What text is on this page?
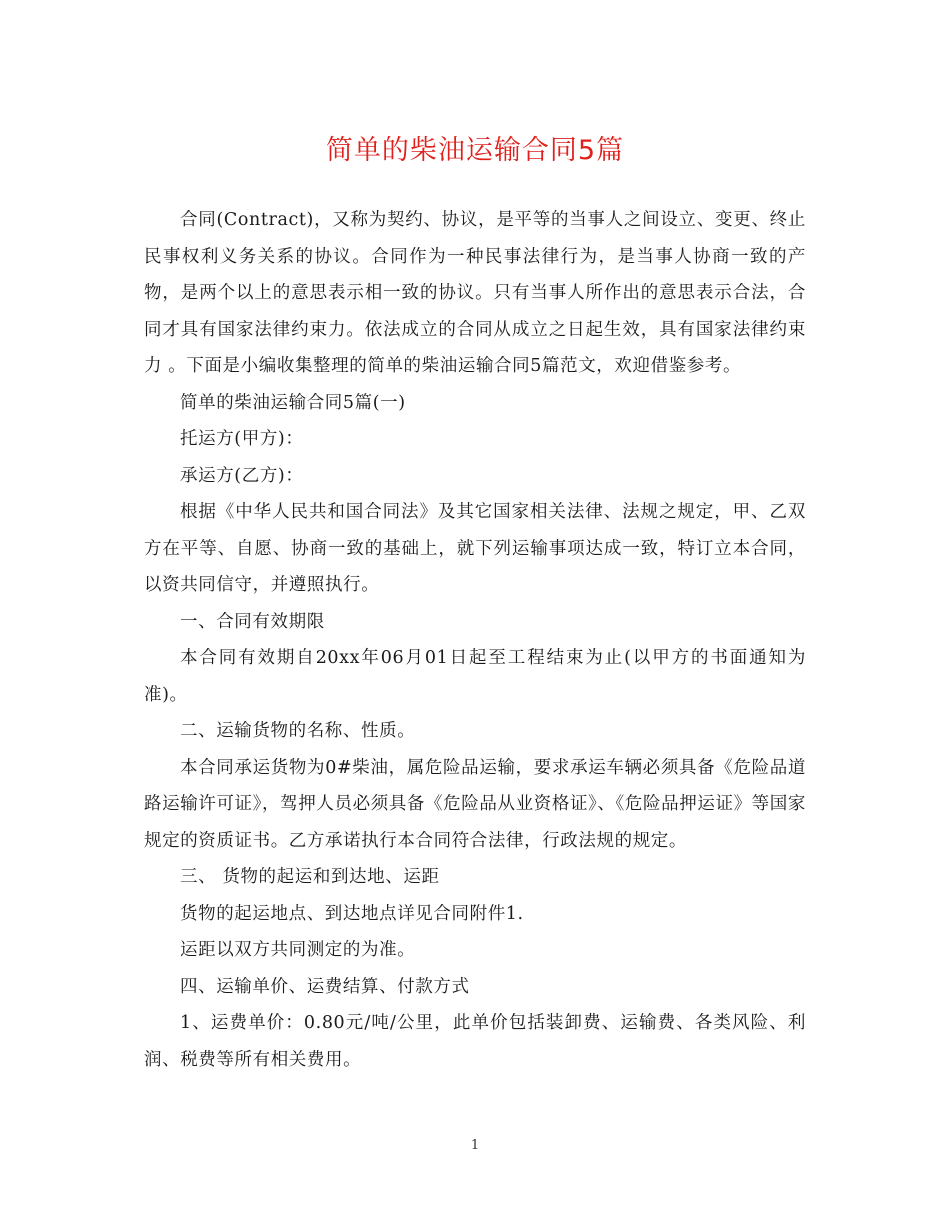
简单的柴油运输合同5篇

合同(Contract)，又称为契约、协议，是平等的当事人之间设立、变更、终止民事权利义务关系的协议。合同作为一种民事法律行为，是当事人协商一致的产物，是两个以上的意思表示相一致的协议。只有当事人所作出的意思表示合法，合同才具有国家法律约束力。依法成立的合同从成立之日起生效，具有国家法律约束力 。下面是小编收集整理的简单的柴油运输合同5篇范文，欢迎借鉴参考。

简单的柴油运输合同5篇(一)

托运方(甲方)：

承运方(乙方)：

根据《中华人民共和国合同法》及其它国家相关法律、法规之规定，甲、乙双方在平等、自愿、协商一致的基础上，就下列运输事项达成一致，特订立本合同，以资共同信守，并遵照执行。

一、合同有效期限

本合同有效期自20xx年06月01日起至工程结束为止(以甲方的书面通知为准)。

二、运输货物的名称、性质。

本合同承运货物为0#柴油，属危险品运输，要求承运车辆必须具备《危险品道路运输许可证》，驾押人员必须具备《危险品从业资格证》、《危险品押运证》等国家规定的资质证书。乙方承诺执行本合同符合法律，行政法规的规定。

三、 货物的起运和到达地、运距

货物的起运地点、到达地点详见合同附件1.

运距以双方共同测定的为准。

四、运输单价、运费结算、付款方式

1、运费单价：0.80元/吨/公里，此单价包括装卸费、运输费、各类风险、利润、税费等所有相关费用。

1
